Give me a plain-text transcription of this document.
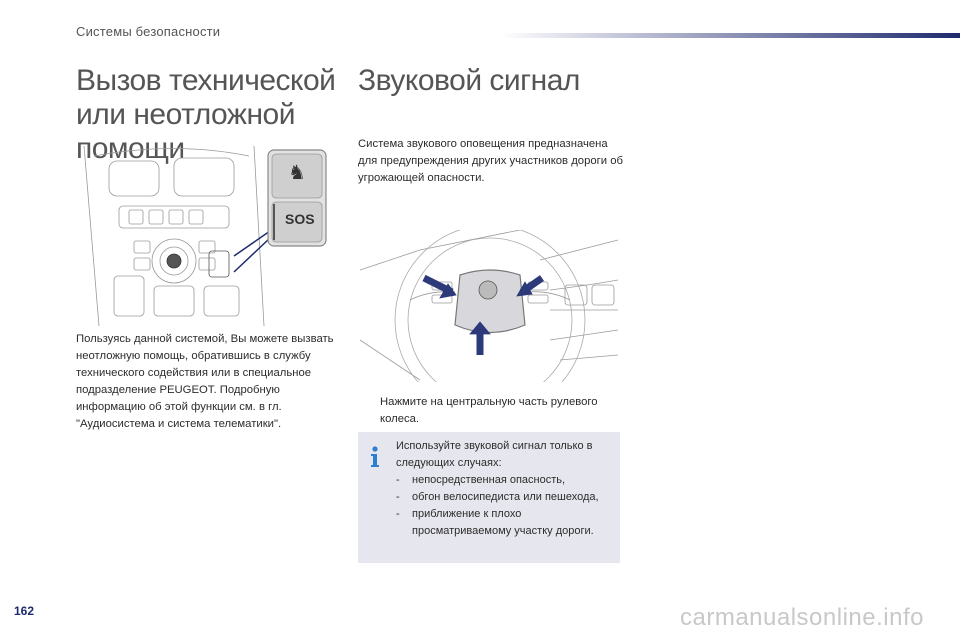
Системы безопасности
Вызов технической или неотложной помощи
♞
SOS
Пользуясь данной системой, Вы можете вызвать неотложную помощь, обратившись в службу технического содействия или в специальное подразделение PEUGEOT. Подробную информацию об этой функции см. в гл. "Аудиосистема и система телематики".
Звуковой сигнал
Система звукового оповещения предназначена для предупреждения других участников дороги об угрожающей опасности.
Нажмите на центральную часть рулевого колеса.
Используйте звуковой сигнал только в следующих случаях:
-	непосредственная опасность,
-	обгон велосипедиста или пешехода,
-	приближение к плохо просматриваемому участку дороги.
162	carmanualsonline.info
